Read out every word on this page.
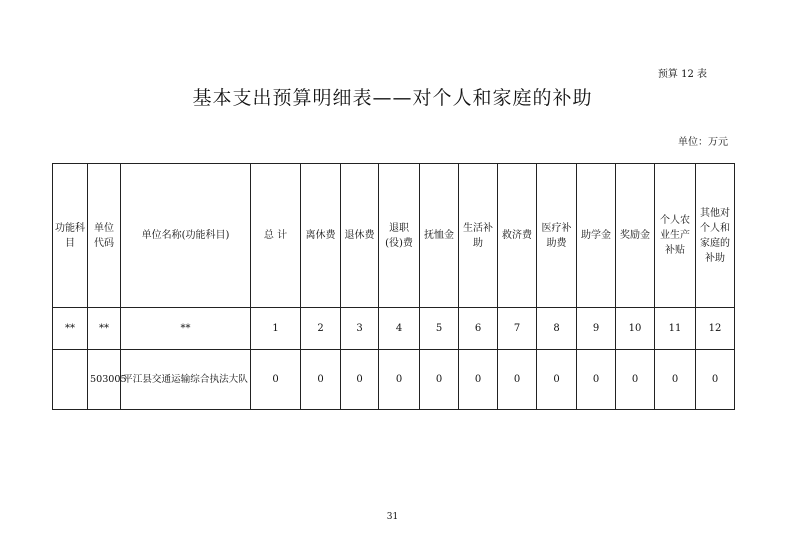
预算 12 表
基本支出预算明细表——对个人和家庭的补助
单位：万元
功能科目	单位代码	单位名称(功能科目)	总 计	离休费	退休费	退职(役)费	抚恤金	生活补助	救济费	医疗补助费	助学金	奖励金	个人农业生产补贴	其他对个人和家庭的补助
**	**	**	1	2	3	4	5	6	7	8	9	10	11	12
	503005	平江县交通运输综合执法大队	0	0	0	0	0	0	0	0	0	0	0	0
31
